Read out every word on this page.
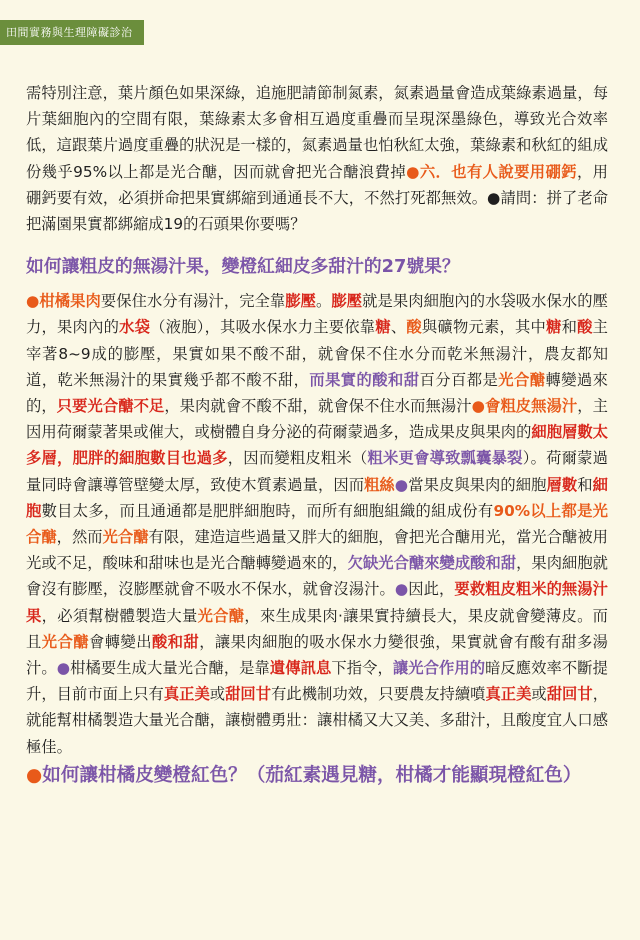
田間實務與生理障礙診治

需特別注意，葉片顏色如果深綠，追施肥請節制氮素，氮素過量會造成葉綠素過量，每片葉細胞內的空間有限，葉綠素太多會相互過度重疊而呈現深墨綠色，導致光合效率低，這跟葉片過度重疊的狀況是一樣的，氮素過量也怕秋紅太強，葉綠素和秋紅的組成份幾乎95%以上都是光合醣，因而就會把光合醣浪費掉●六．也有人說要用硼鈣，用硼鈣要有效，必須拼命把果實綁縮到通通長不大，不然打死都無效。●請問：拼了老命把滿園果實都綁縮成19的石頭果你要嗎？

如何讓粗皮的無湯汁果，變橙紅細皮多甜汁的27號果？

●柑橘果肉要保住水分有湯汁，完全靠膨壓。膨壓就是果肉細胞內的水袋吸水保水的壓力，果肉內的水袋（液胞），其吸水保水力主要依靠糖、酸與礦物元素，其中糖和酸主宰著8~9成的膨壓，果實如果不酸不甜，就會保不住水分而乾米無湯汁，農友都知道，乾米無湯汁的果實幾乎都不酸不甜，而果實的酸和甜百分百都是光合醣轉變過來的，只要光合醣不足，果肉就會不酸不甜，就會保不住水而無湯汁●會粗皮無湯汁，主因用荷爾蒙著果或催大，或樹體自身分泌的荷爾蒙過多，造成果皮與果肉的細胞層數太多層，肥胖的細胞數目也過多，因而變粗皮粗米（粗米更會導致瓢囊暴裂）。荷爾蒙過量同時會讓導管壁變太厚，致使木質素過量，因而粗絲●當果皮與果肉的細胞層數和細胞數目太多，而且通通都是肥胖細胞時，而所有細胞組織的組成份有90%以上都是光合醣，然而光合醣有限，建造這些過量又胖大的細胞，會把光合醣用光，當光合醣被用光或不足，酸味和甜味也是光合醣轉變過來的，欠缺光合醣來變成酸和甜，果肉細胞就會沒有膨壓，沒膨壓就會不吸水不保水，就會沒湯汁。●因此，要救粗皮粗米的無湯汁果，必須幫樹體製造大量光合醣，來生成果肉‧讓果實持續長大，果皮就會變薄皮。而且光合醣會轉變出酸和甜，讓果肉細胞的吸水保水力變很強，果實就會有酸有甜多湯汁。●柑橘要生成大量光合醣，是靠遺傳訊息下指令，讓光合作用的暗反應效率不斷提升，目前市面上只有真正美或甜回甘有此機制功效，只要農友持續噴真正美或甜回甘，就能幫柑橘製造大量光合醣，讓樹體勇壯：讓柑橘又大又美、多甜汁，且酸度宜人口感極佳。

●如何讓柑橘皮變橙紅色？（茄紅素遇見糖，柑橘才能顯現橙紅色）
